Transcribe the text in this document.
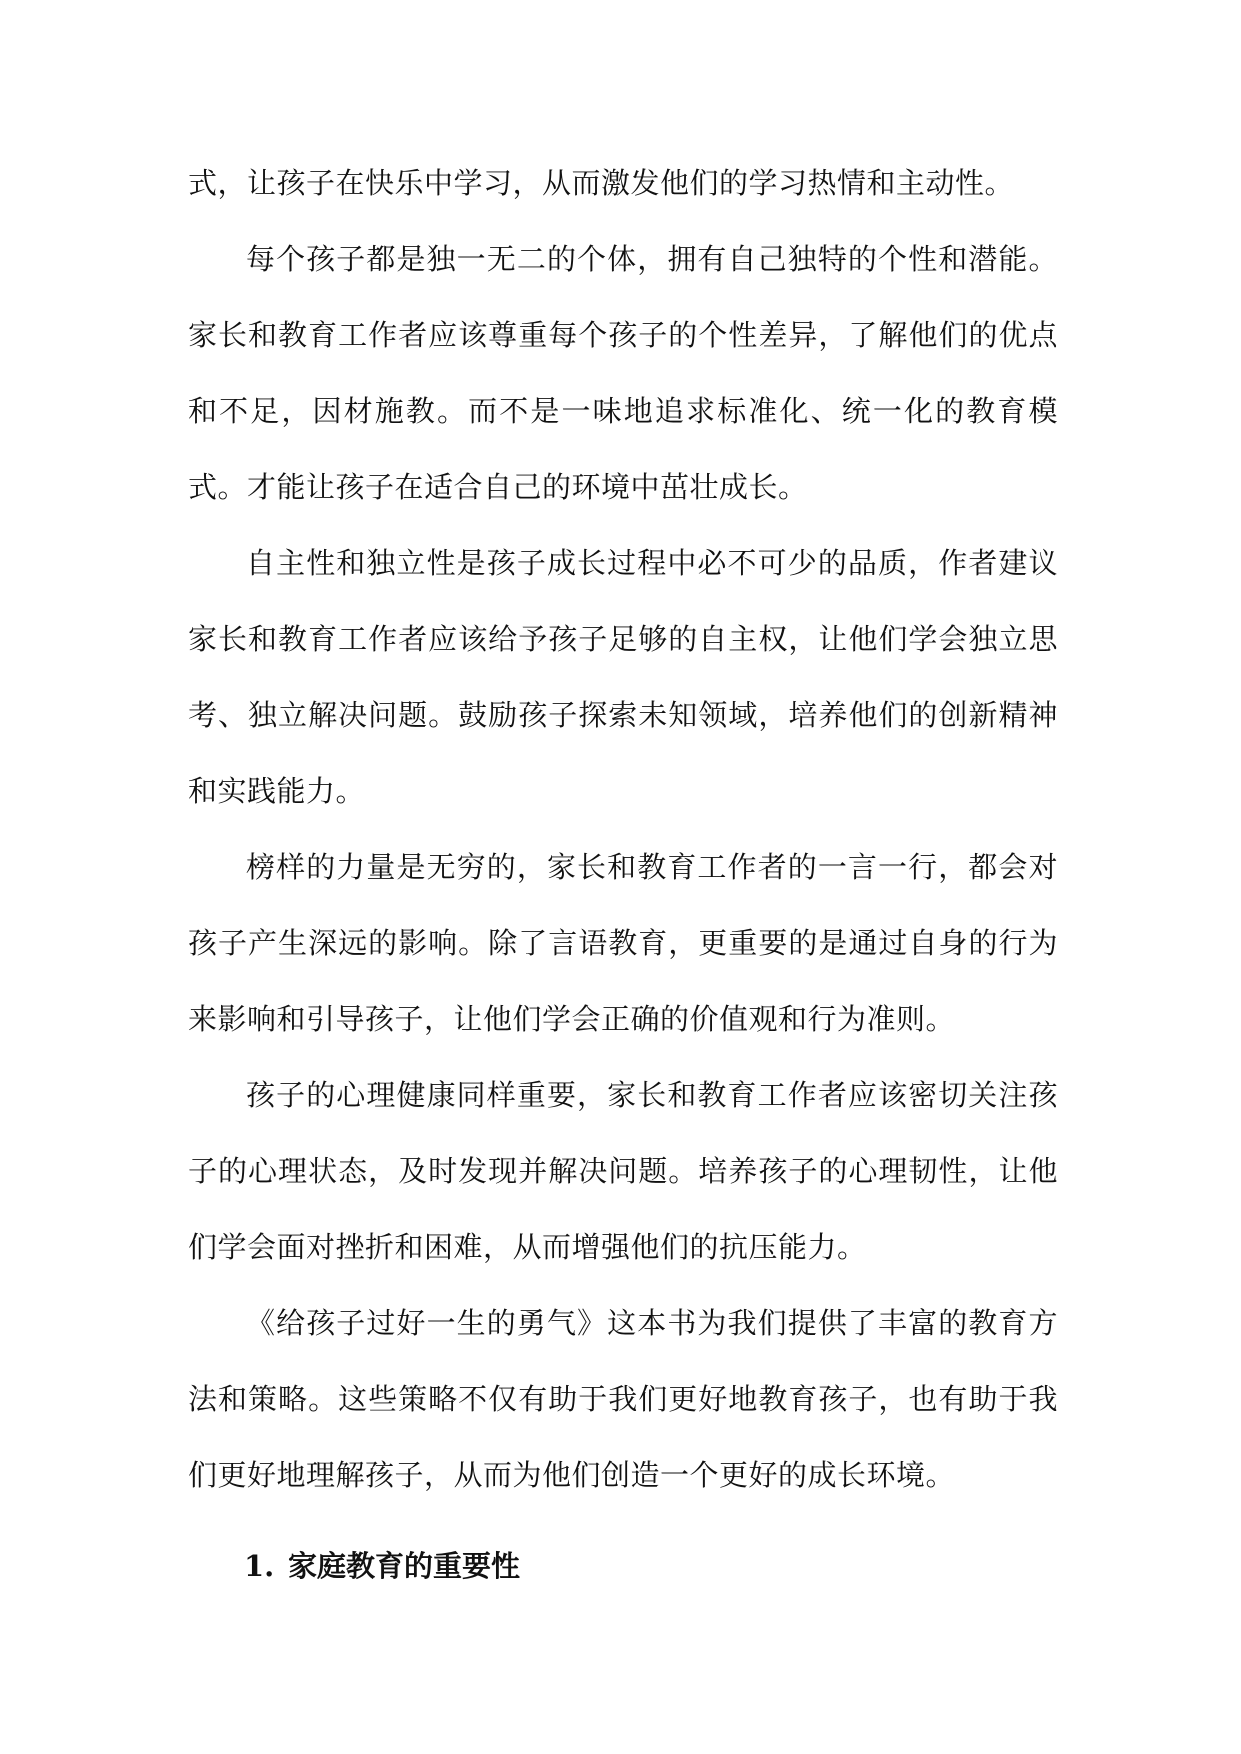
式，让孩子在快乐中学习，从而激发他们的学习热情和主动性。

每个孩子都是独一无二的个体，拥有自己独特的个性和潜能。家长和教育工作者应该尊重每个孩子的个性差异，了解他们的优点和不足，因材施教。而不是一味地追求标准化、统一化的教育模式。才能让孩子在适合自己的环境中茁壮成长。

自主性和独立性是孩子成长过程中必不可少的品质，作者建议家长和教育工作者应该给予孩子足够的自主权，让他们学会独立思考、独立解决问题。鼓励孩子探索未知领域，培养他们的创新精神和实践能力。

榜样的力量是无穷的，家长和教育工作者的一言一行，都会对孩子产生深远的影响。除了言语教育，更重要的是通过自身的行为来影响和引导孩子，让他们学会正确的价值观和行为准则。

孩子的心理健康同样重要，家长和教育工作者应该密切关注孩子的心理状态，及时发现并解决问题。培养孩子的心理韧性，让他们学会面对挫折和困难，从而增强他们的抗压能力。

《给孩子过好一生的勇气》这本书为我们提供了丰富的教育方法和策略。这些策略不仅有助于我们更好地教育孩子，也有助于我们更好地理解孩子，从而为他们创造一个更好的成长环境。

1. 家庭教育的重要性
